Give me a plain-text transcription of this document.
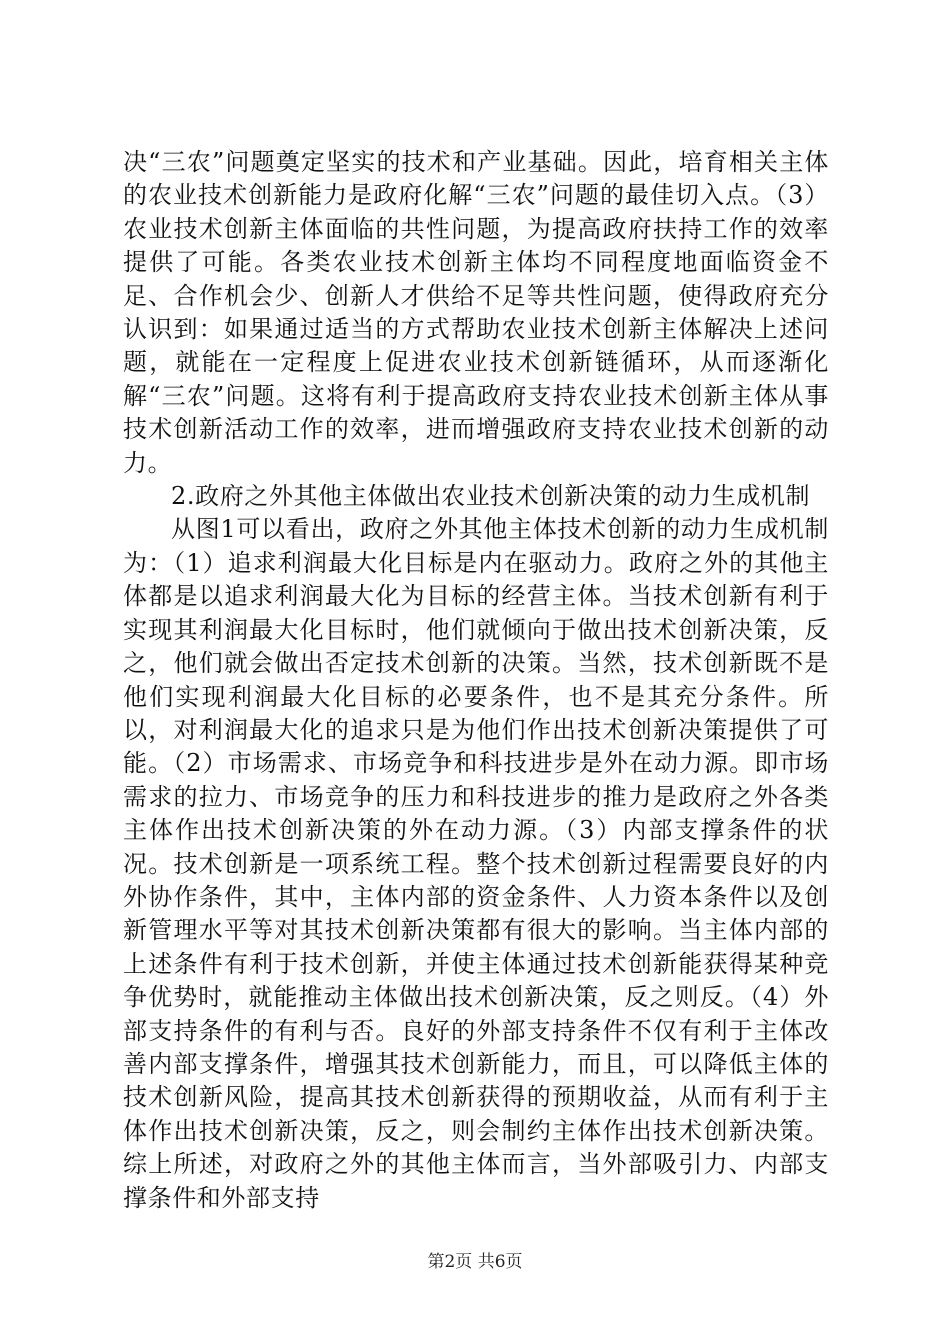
决“三农”问题奠定坚实的技术和产业基础。因此，培育相关主体的农业技术创新能力是政府化解“三农”问题的最佳切入点。（3）农业技术创新主体面临的共性问题，为提高政府扶持工作的效率提供了可能。各类农业技术创新主体均不同程度地面临资金不足、合作机会少、创新人才供给不足等共性问题，使得政府充分认识到：如果通过适当的方式帮助农业技术创新主体解决上述问题，就能在一定程度上促进农业技术创新链循环，从而逐渐化解“三农”问题。这将有利于提高政府支持农业技术创新主体从事技术创新活动工作的效率，进而增强政府支持农业技术创新的动力。

2.政府之外其他主体做出农业技术创新决策的动力生成机制

从图1可以看出，政府之外其他主体技术创新的动力生成机制为：（1）追求利润最大化目标是内在驱动力。政府之外的其他主体都是以追求利润最大化为目标的经营主体。当技术创新有利于实现其利润最大化目标时，他们就倾向于做出技术创新决策，反之，他们就会做出否定技术创新的决策。当然，技术创新既不是他们实现利润最大化目标的必要条件，也不是其充分条件。所以，对利润最大化的追求只是为他们作出技术创新决策提供了可能。（2）市场需求、市场竞争和科技进步是外在动力源。即市场需求的拉力、市场竞争的压力和科技进步的推力是政府之外各类主体作出技术创新决策的外在动力源。（3）内部支撑条件的状况。技术创新是一项系统工程。整个技术创新过程需要良好的内外协作条件，其中，主体内部的资金条件、人力资本条件以及创新管理水平等对其技术创新决策都有很大的影响。当主体内部的上述条件有利于技术创新，并使主体通过技术创新能获得某种竞争优势时，就能推动主体做出技术创新决策，反之则反。（4）外部支持条件的有利与否。良好的外部支持条件不仅有利于主体改善内部支撑条件，增强其技术创新能力，而且，可以降低主体的技术创新风险，提高其技术创新获得的预期收益，从而有利于主体作出技术创新决策，反之，则会制约主体作出技术创新决策。综上所述，对政府之外的其他主体而言，当外部吸引力、内部支撑条件和外部支持

第2页 共6页
